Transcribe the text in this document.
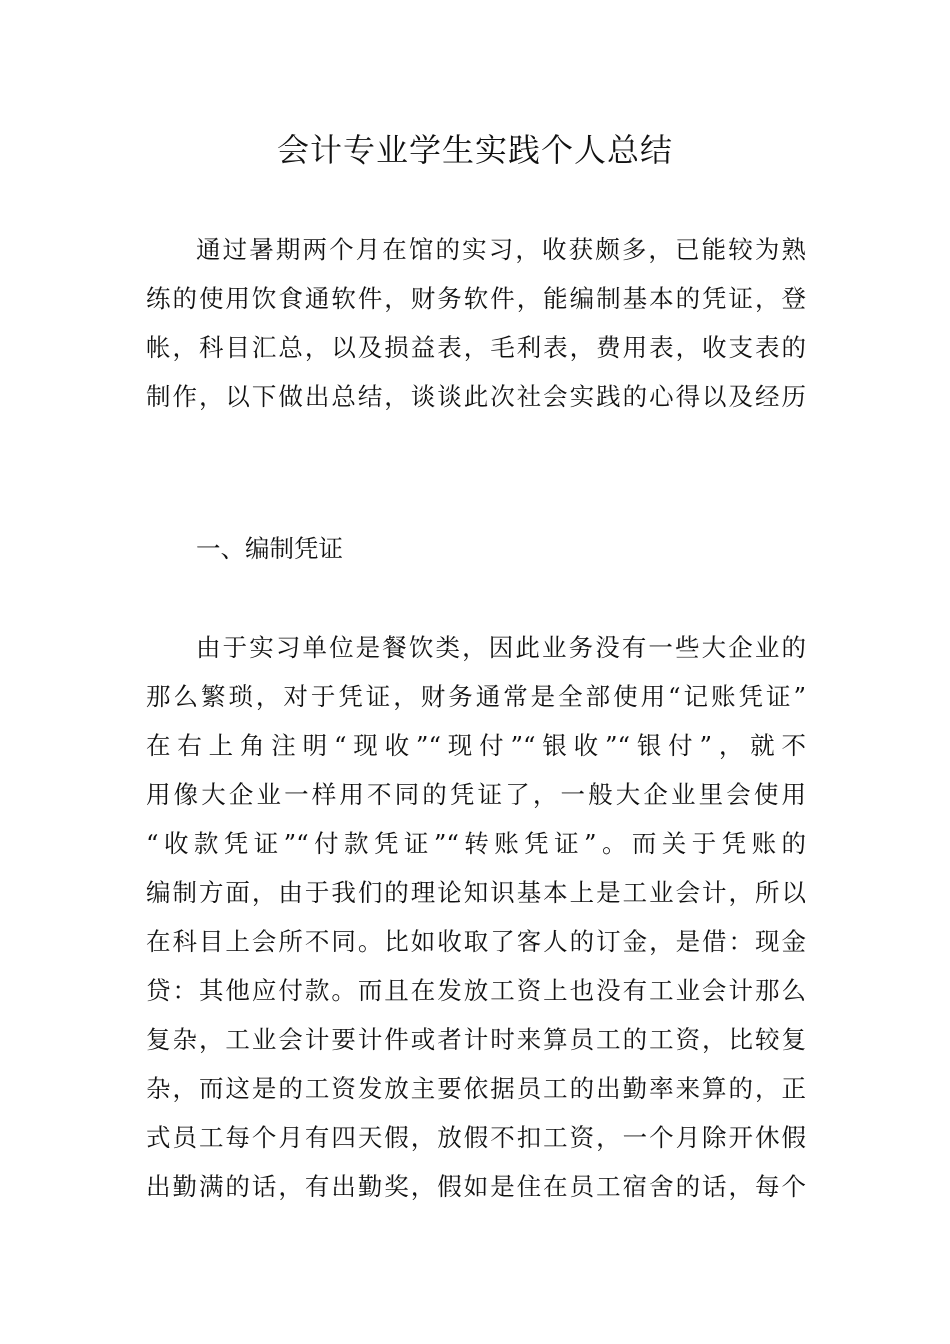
会计专业学生实践个人总结
通过暑期两个月在馆的实习，收获颇多，已能较为熟
练的使用饮食通软件，财务软件，能编制基本的凭证，登
帐，科目汇总，以及损益表，毛利表，费用表，收支表的
制作，以下做出总结，谈谈此次社会实践的心得以及经历
一、编制凭证
由于实习单位是餐饮类，因此业务没有一些大企业的
那么繁琐，对于凭证，财务通常是全部使用“记账凭证”
在右上角注明“现收”“现付”“银收”“银付”，就不
用像大企业一样用不同的凭证了，一般大企业里会使用
“收款凭证”“付款凭证”“转账凭证”。而关于凭账的
编制方面，由于我们的理论知识基本上是工业会计，所以
在科目上会所不同。比如收取了客人的订金，是借：现金
贷：其他应付款。而且在发放工资上也没有工业会计那么
复杂，工业会计要计件或者计时来算员工的工资，比较复
杂，而这是的工资发放主要依据员工的出勤率来算的，正
式员工每个月有四天假，放假不扣工资，一个月除开休假
出勤满的话，有出勤奖，假如是住在员工宿舍的话，每个
